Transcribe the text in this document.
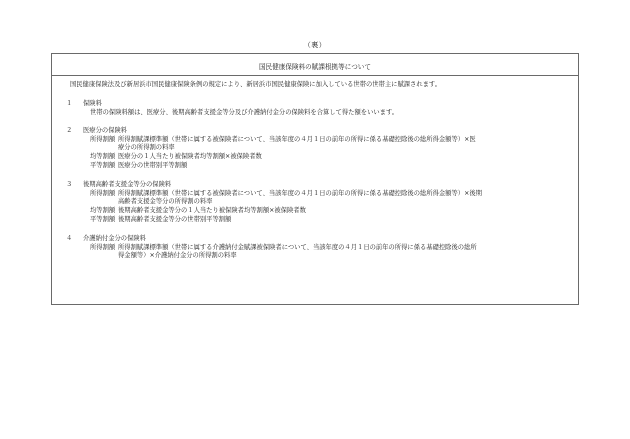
（裏）
国民健康保険料の賦課根拠等について
国民健康保険法及び新居浜市国民健康保険条例の規定により、新居浜市国民健康保険に加入している世帯の世帯主に賦課されます。
１ 保険料
世帯の保険料額は、医療分、後期高齢者支援金等分及び介護納付金分の保険料を合算して得た額をいいます。
２ 医療分の保険料
所得割額 所得割賦課標準額（世帯に属する被保険者について、当該年度の４月１日の前年の所得に係る基礎控除後の総所得金額等）×医
療分の所得割の料率
均等割額 医療分の１人当たり被保険者均等割額×被保険者数
平等割額 医療分の世帯別平等割額
３ 後期高齢者支援金等分の保険料
所得割額 所得割賦課標準額（世帯に属する被保険者について、当該年度の４月１日の前年の所得に係る基礎控除後の総所得金額等）×後期
高齢者支援金等分の所得割の料率
均等割額 後期高齢者支援金等分の１人当たり被保険者均等割額×被保険者数
平等割額 後期高齢者支援金等分の世帯別平等割額
４ 介護納付金分の保険料
所得割額 所得割賦課標準額（世帯に属する介護納付金賦課被保険者について、当該年度の４月１日の前年の所得に係る基礎控除後の総所
得金額等）×介護納付金分の所得割の料率
